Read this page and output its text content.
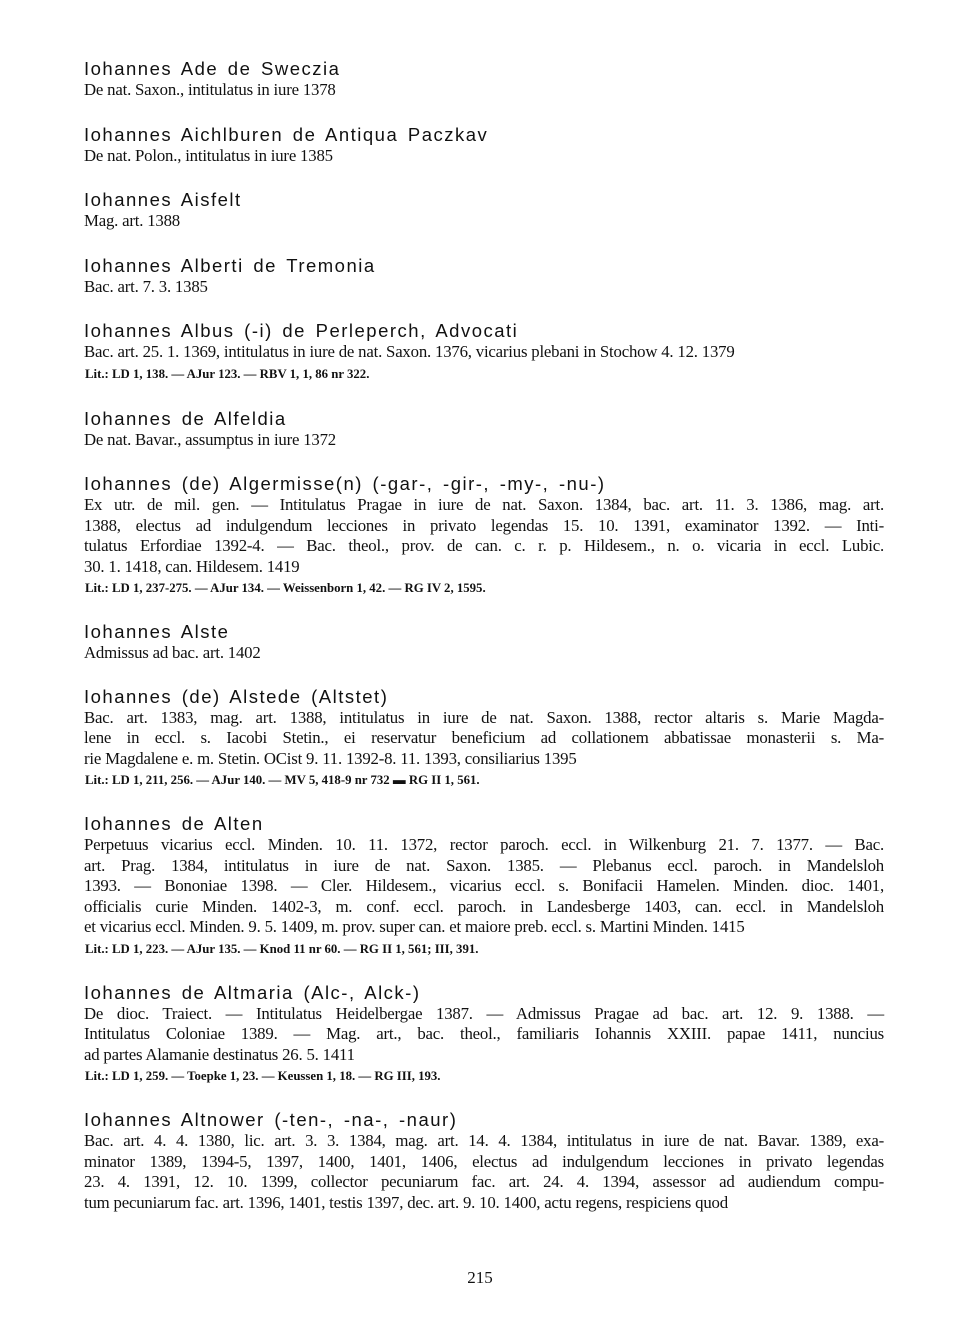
Iohannes Ade de Sweczia
De nat. Saxon., intitulatus in iure 1378
Iohannes Aichlburen de Antiqua Paczkav
De nat. Polon., intitulatus in iure 1385
Iohannes Aisfelt
Mag. art. 1388
Iohannes Alberti de Tremonia
Bac. art. 7. 3. 1385
Iohannes Albus (-i) de Perleperch, Advocati
Bac. art. 25. 1. 1369, intitulatus in iure de nat. Saxon. 1376, vicarius plebani in Stochow 4. 12. 1379
Lit.: LD 1, 138. — AJur 123. — RBV 1, 1, 86 nr 322.
Iohannes de Alfeldia
De nat. Bavar., assumptus in iure 1372
Iohannes (de) Algermisse(n) (-gar-, -gir-, -my-, -nu-)
Ex utr. de mil. gen. — Intitulatus Pragae in iure de nat. Saxon. 1384, bac. art. 11. 3. 1386, mag. art.
1388, electus ad indulgendum lecciones in privato legendas 15. 10. 1391, examinator 1392. — Inti-
tulatus Erfordiae 1392-4. — Bac. theol., prov. de can. c. r. p. Hildesem., n. o. vicaria in eccl. Lubic.
30. 1. 1418, can. Hildesem. 1419
Lit.: LD 1, 237-275. — AJur 134. — Weissenborn 1, 42. — RG IV 2, 1595.
Iohannes Alste
Admissus ad bac. art. 1402
Iohannes (de) Alstede (Altstet)
Bac. art. 1383, mag. art. 1388, intitulatus in iure de nat. Saxon. 1388, rector altaris s. Marie Magda-
lene in eccl. s. Iacobi Stetin., ei reservatur beneficium ad collationem abbatissae monasterii s. Ma-
rie Magdalene e. m. Stetin. OCist 9. 11. 1392-8. 11. 1393, consiliarius 1395
Lit.: LD 1, 211, 256. — AJur 140. — MV 5, 418-9 nr 732 ▬ RG II 1, 561.
Iohannes de Alten
Perpetuus vicarius eccl. Minden. 10. 11. 1372, rector paroch. eccl. in Wilkenburg 21. 7. 1377. — Bac.
art. Prag. 1384, intitulatus in iure de nat. Saxon. 1385. — Plebanus eccl. paroch. in Mandelsloh
1393. — Bononiae 1398. — Cler. Hildesem., vicarius eccl. s. Bonifacii Hamelen. Minden. dioc. 1401,
officialis curie Minden. 1402-3, m. conf. eccl. paroch. in Landesberge 1403, can. eccl. in Mandelsloh
et vicarius eccl. Minden. 9. 5. 1409, m. prov. super can. et maiore preb. eccl. s. Martini Minden. 1415
Lit.: LD 1, 223. — AJur 135. — Knod 11 nr 60. — RG II 1, 561; III, 391.
Iohannes de Altmaria (Alc-, Alck-)
De dioc. Traiect. — Intitulatus Heidelbergae 1387. — Admissus Pragae ad bac. art. 12. 9. 1388. —
Intitulatus Coloniae 1389. — Mag. art., bac. theol., familiaris Iohannis XXIII. papae 1411, nuncius
ad partes Alamanie destinatus 26. 5. 1411
Lit.: LD 1, 259. — Toepke 1, 23. — Keussen 1, 18. — RG III, 193.
Iohannes Altnower (-ten-, -na-, -naur)
Bac. art. 4. 4. 1380, lic. art. 3. 3. 1384, mag. art. 14. 4. 1384, intitulatus in iure de nat. Bavar. 1389, exa-
minator 1389, 1394-5, 1397, 1400, 1401, 1406, electus ad indulgendum lecciones in privato legendas
23. 4. 1391, 12. 10. 1399, collector pecuniarum fac. art. 24. 4. 1394, assessor ad audiendum compu-
tum pecuniarum fac. art. 1396, 1401, testis 1397, dec. art. 9. 10. 1400, actu regens, respiciens quod
215
